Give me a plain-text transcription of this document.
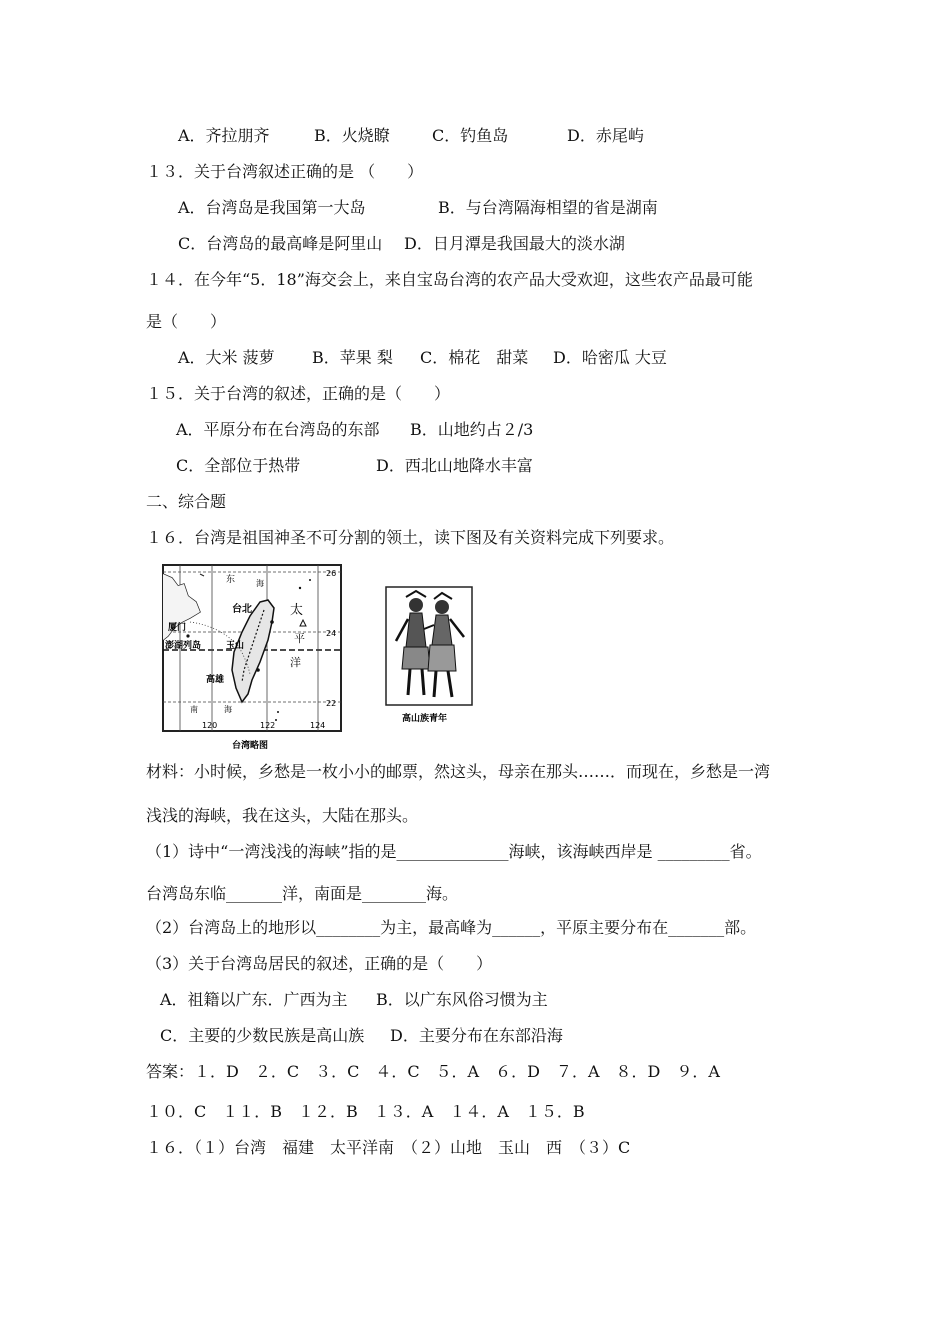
A．齐拉朋齐	B．火烧瞭	C．钓鱼岛	D．赤尾屿
１３．关于台湾叙述正确的是 （　　）
A．台湾岛是我国第一大岛	B．与台湾隔海相望的省是湖南
C．台湾岛的最高峰是阿里山 D．日月潭是我国最大的淡水湖
１４．在今年“5．18”海交会上，来自宝岛台湾的农产品大受欢迎，这些农产品最可能
是（　　）
A．大米 菠萝 B．苹果 梨 C．棉花　甜菜 D．哈密瓜 大豆
１５．关于台湾的叙述，正确的是（　　）
A．平原分布在台湾岛的东部 B．山地约占２/3
C．全部位于热带	D．西北山地降水丰富
二、综合题
１６．台湾是祖国神圣不可分割的领土，读下图及有关资料完成下列要求。
东	海
台北	太
平
洋
厦门
澎湖列岛	玉山
高雄
南	海
26
24
22
120	122	124
台湾略图
高山族青年
材料：小时候，乡愁是一枚小小的邮票，然这头，母亲在那头……．而现在，乡愁是一湾
浅浅的海峡，我在这头，大陆在那头。
（1）诗中“一湾浅浅的海峡”指的是______________海峡，该海峡西岸是 _________省。
台湾岛东临_______洋，南面是________海。
（2）台湾岛上的地形以________为主，最高峰为______，平原主要分布在_______部。
（3）关于台湾岛居民的叙述，正确的是（　　）
A．祖籍以广东．广西为主 B．以广东风俗习惯为主
C．主要的少数民族是高山族 D．主要分布在东部沿海
答案：１．D　２．C　３．C　４．C　５．A　６．D　７．A　８．D　９．A
１０．C　１１．B　１２．B　１３．A　１４．A　１５．B
１６．（１）台湾　福建　太平洋南　（２）山地　玉山　西　（３）C
